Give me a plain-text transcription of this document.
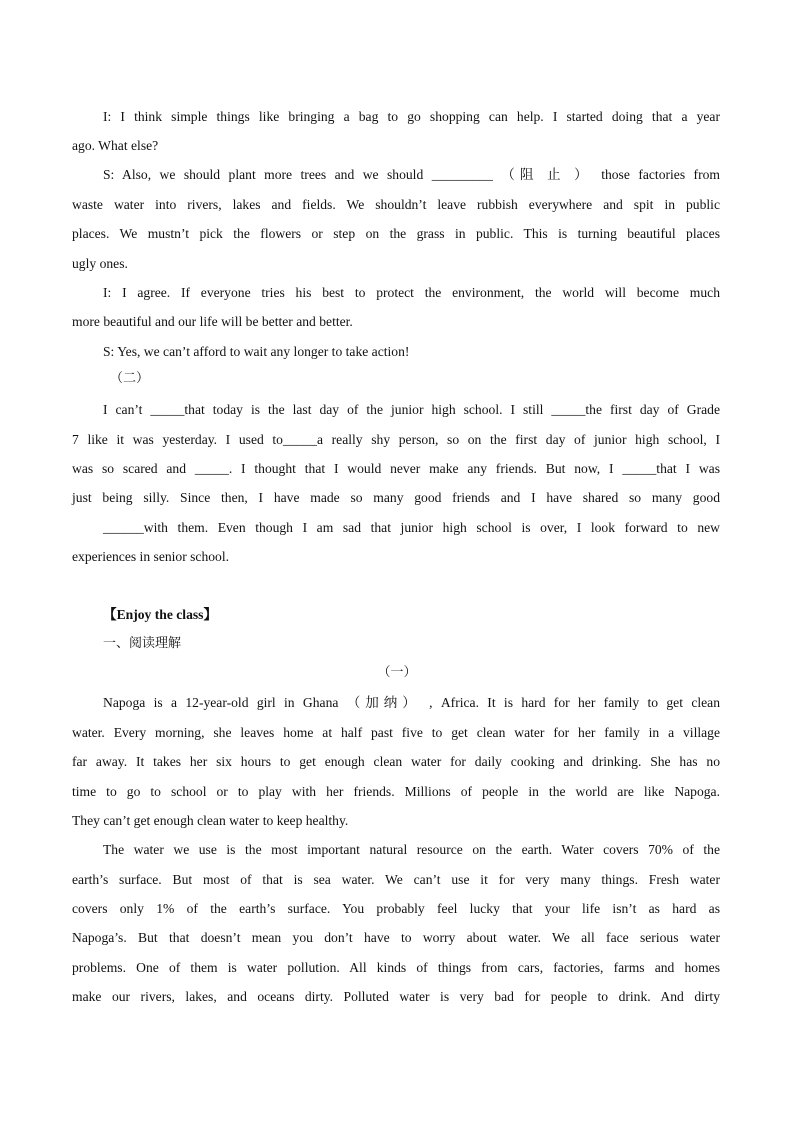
I: I think simple things like bringing a bag to go shopping can help. I started doing that a year
ago. What else?
S: Also, we should plant more trees and we should _________ （阻 止 ） those factories from
waste water into rivers, lakes and fields. We shouldn’t leave rubbish everywhere and spit in public
places. We mustn’t pick the flowers or step on the grass in public. This is turning beautiful places
ugly ones.
I: I agree. If everyone tries his best to protect the environment, the world will become much
more beautiful and our life will be better and better.
S: Yes, we can’t afford to wait any longer to take action!
（二）
I can’t _____that today is the last day of the junior high school. I still _____the first day of Grade
7 like it was yesterday. I used to_____a really shy person, so on the first day of junior high school, I
was so scared and _____. I thought that I would never make any friends. But now, I _____that I was
just being silly. Since then, I have made so many good friends and I have shared so many good
______with them. Even though I am sad that junior high school is over, I look forward to new
experiences in senior school.
【Enjoy the class】
一、阅读理解
（一）
Napoga is a 12-year-old girl in Ghana （加纳） , Africa. It is hard for her family to get clean
water. Every morning, she leaves home at half past five to get clean water for her family in a village
far away. It takes her six hours to get enough clean water for daily cooking and drinking. She has no
time to go to school or to play with her friends. Millions of people in the world are like Napoga.
They can’t get enough clean water to keep healthy.
The water we use is the most important natural resource on the earth. Water covers 70% of the
earth’s surface. But most of that is sea water. We can’t use it for very many things. Fresh water
covers only 1% of the earth’s surface. You probably feel lucky that your life isn’t as hard as
Napoga’s. But that doesn’t mean you don’t have to worry about water. We all face serious water
problems. One of them is water pollution. All kinds of things from cars, factories, farms and homes
make our rivers, lakes, and oceans dirty. Polluted water is very bad for people to drink. And dirty
